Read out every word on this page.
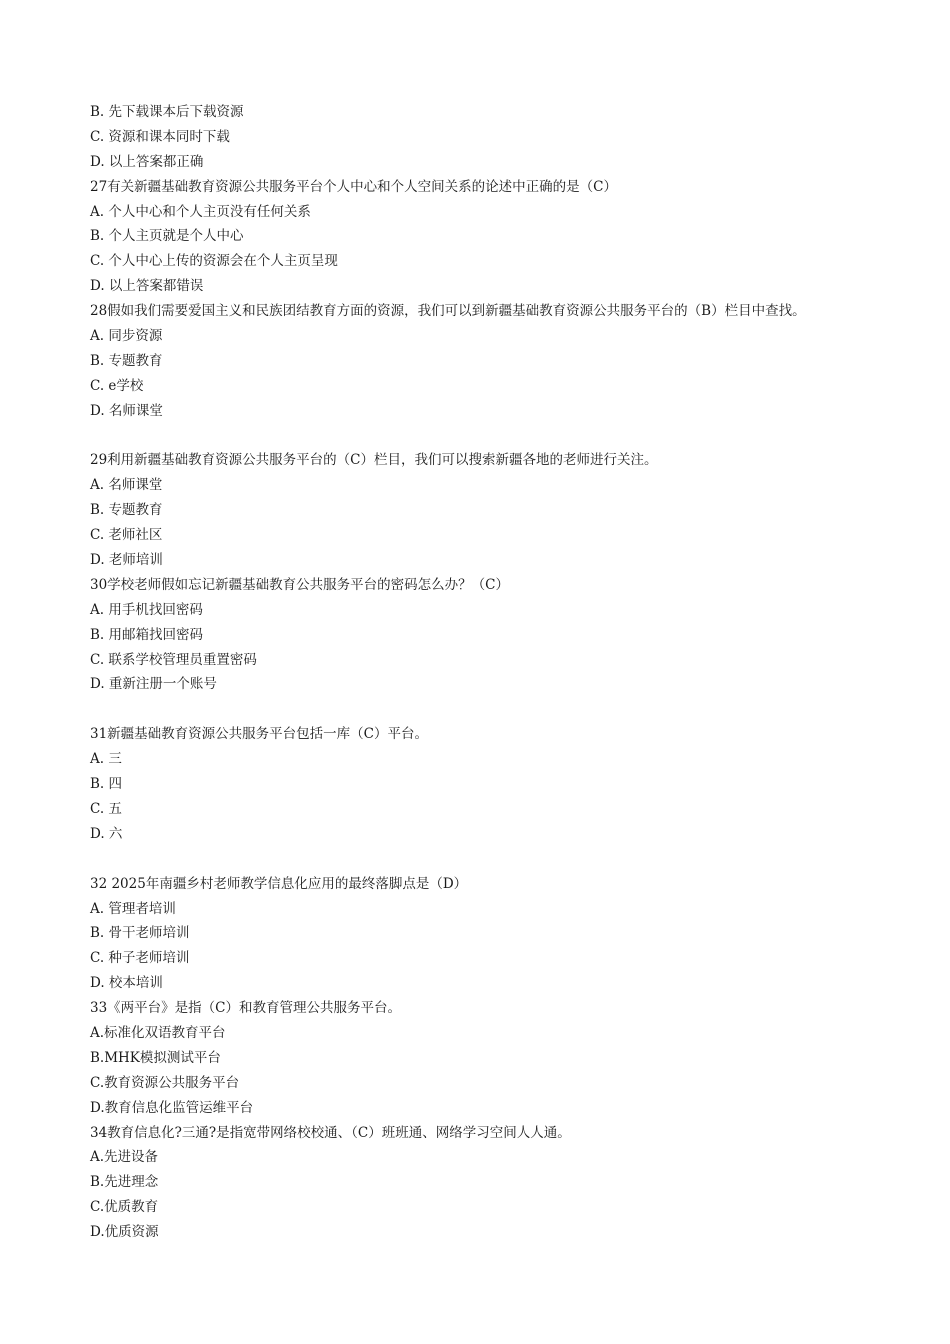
B. 先下载课本后下载资源
C. 资源和课本同时下载
D. 以上答案都正确
27有关新疆基础教育资源公共服务平台个人中心和个人空间关系的论述中正确的是（C）
A. 个人中心和个人主页没有任何关系
B. 个人主页就是个人中心
C. 个人中心上传的资源会在个人主页呈现
D. 以上答案都错误
28假如我们需要爱国主义和民族团结教育方面的资源，我们可以到新疆基础教育资源公共服务平台的（B）栏目中查找。
A. 同步资源
B. 专题教育
C. e学校
D. 名师课堂
29利用新疆基础教育资源公共服务平台的（C）栏目，我们可以搜索新疆各地的老师进行关注。
A. 名师课堂
B. 专题教育
C. 老师社区
D. 老师培训
30学校老师假如忘记新疆基础教育公共服务平台的密码怎么办？（C）
A. 用手机找回密码
B. 用邮箱找回密码
C. 联系学校管理员重置密码
D. 重新注册一个账号
31新疆基础教育资源公共服务平台包括一库（C）平台。
A. 三
B. 四
C. 五
D. 六
32 2025年南疆乡村老师教学信息化应用的最终落脚点是（D）
A. 管理者培训
B. 骨干老师培训
C. 种子老师培训
D. 校本培训
33《两平台》是指（C）和教育管理公共服务平台。
A.标准化双语教育平台
B.MHK模拟测试平台
C.教育资源公共服务平台
D.教育信息化监管运维平台
34教育信息化?三通?是指宽带网络校校通、（C）班班通、网络学习空间人人通。
A.先进设备
B.先进理念
C.优质教育
D.优质资源
